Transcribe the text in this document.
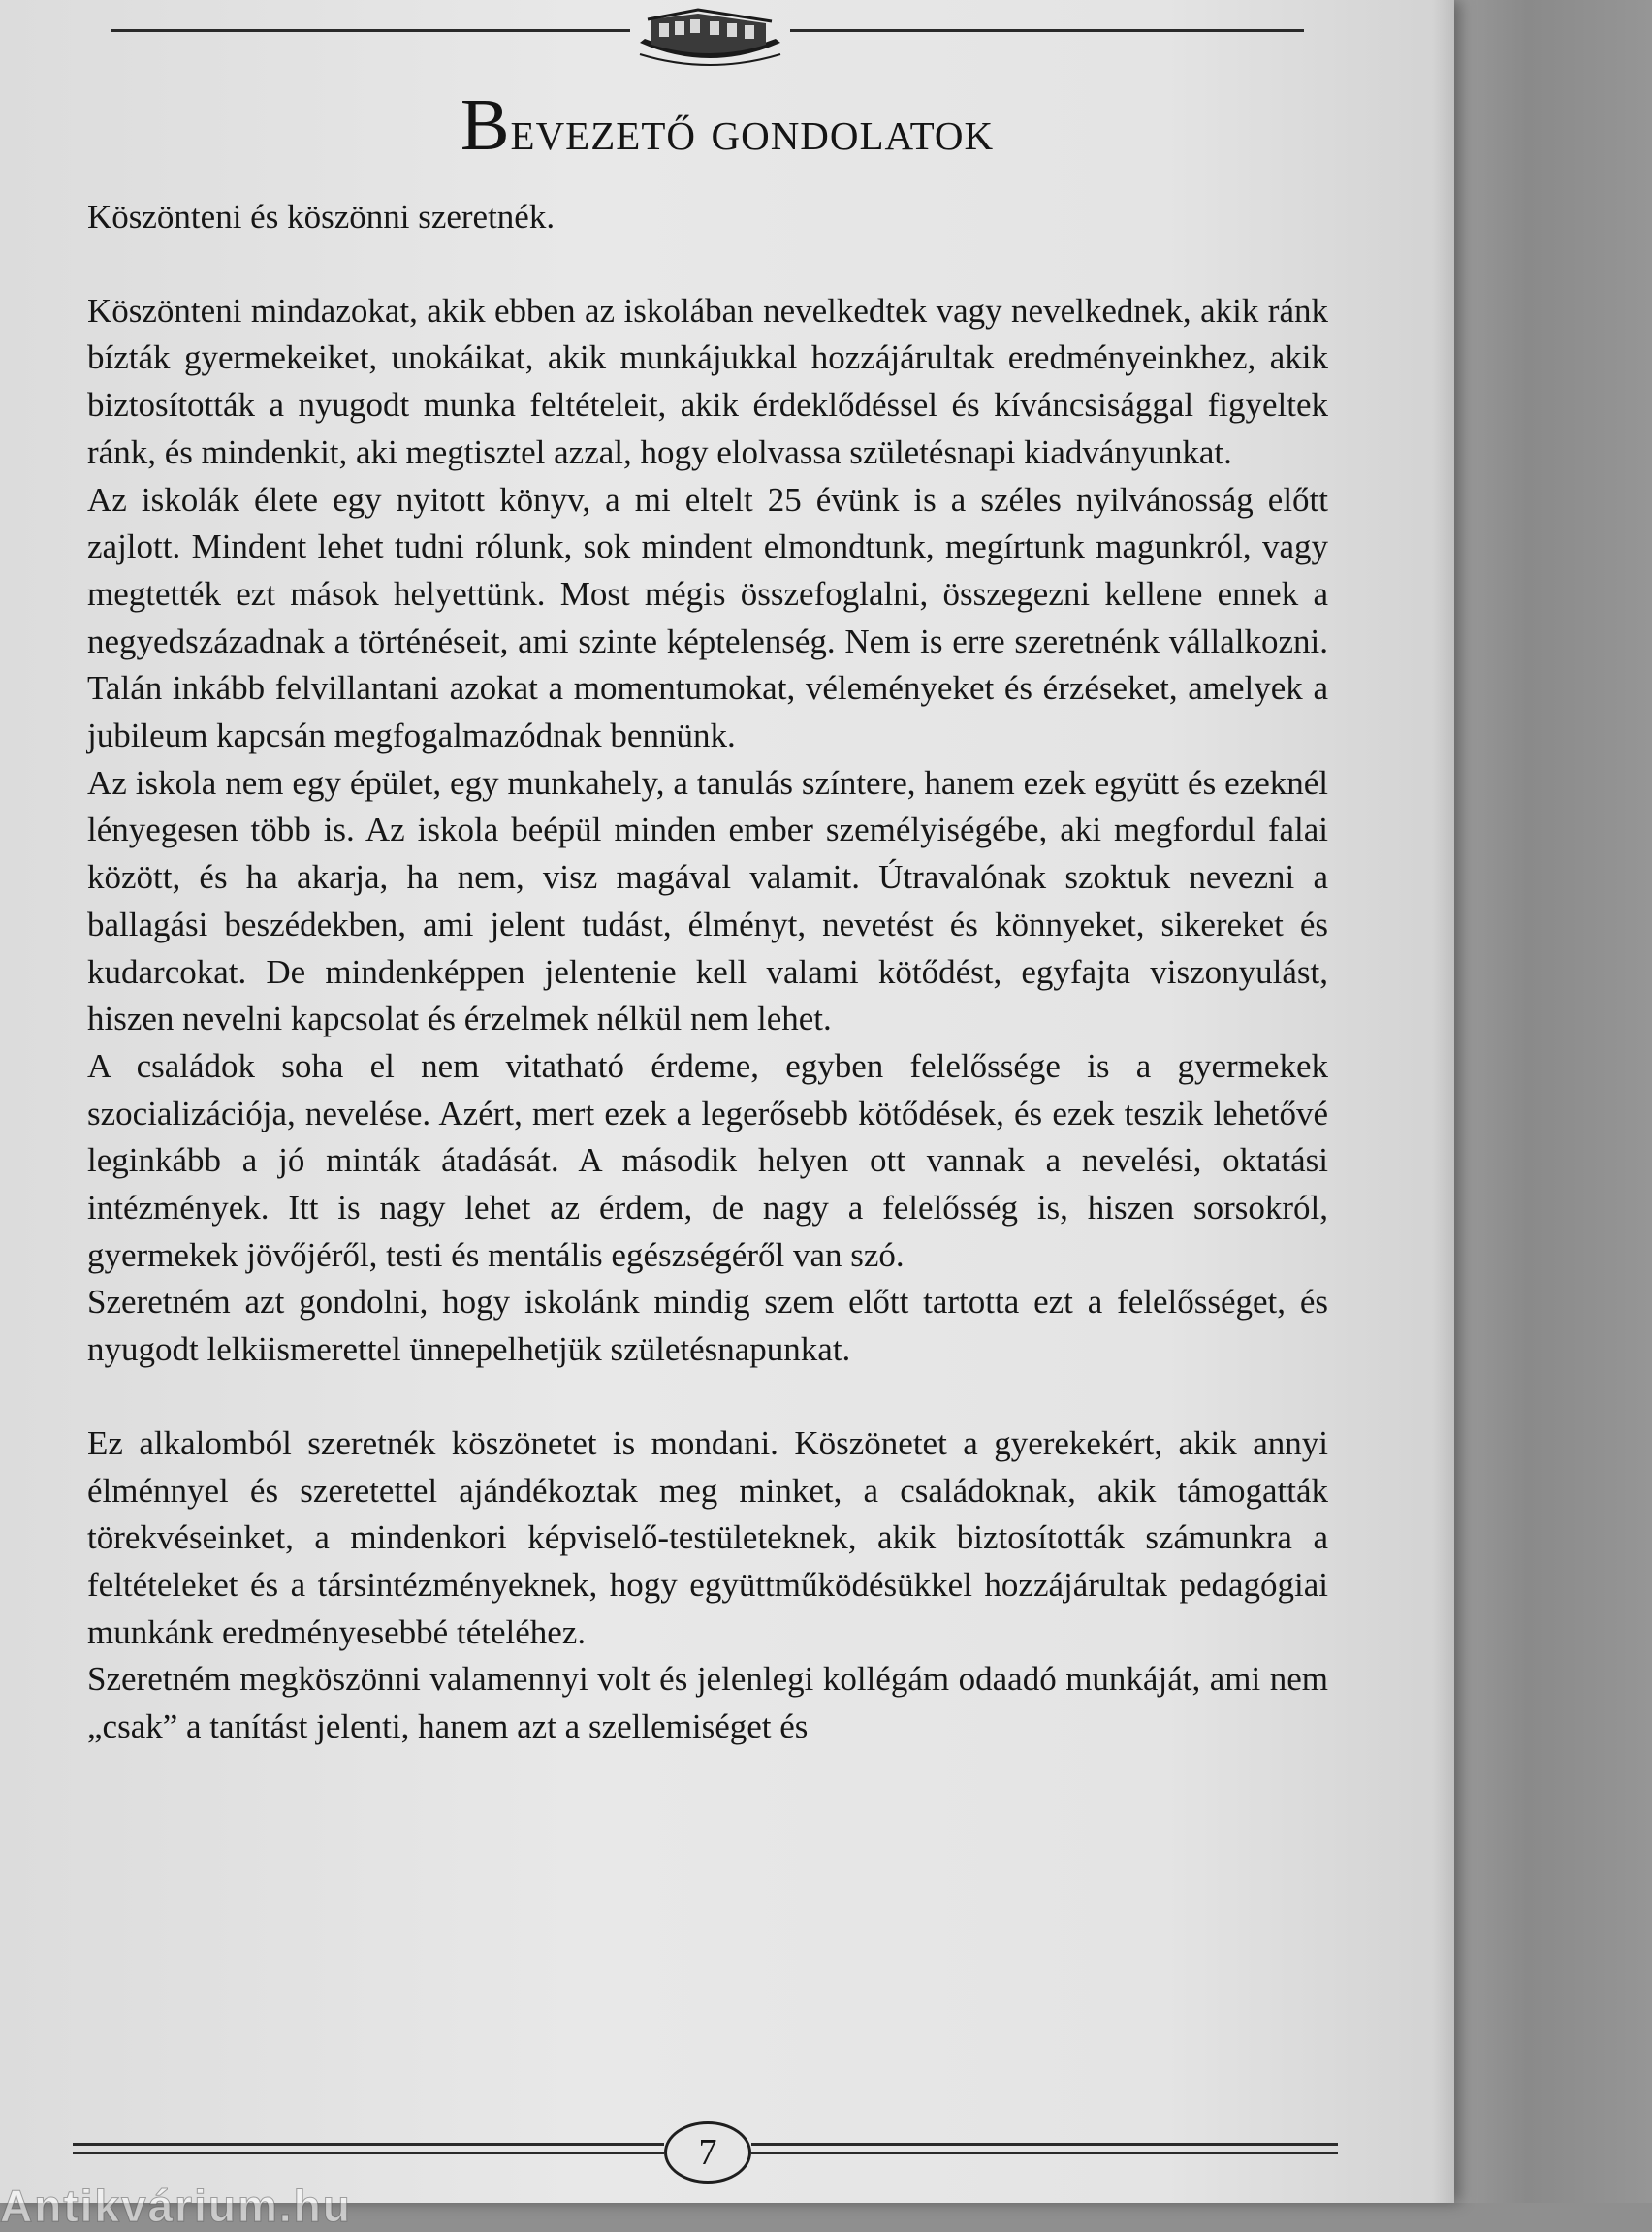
Bevezető gondolatok

Köszönteni és köszönni szeretnék.

Köszönteni mindazokat, akik ebben az iskolában nevelkedtek vagy nevelkednek, akik ránk bízták gyermekeiket, unokáikat, akik munkájukkal hozzájárultak eredményeinkhez, akik biztosították a nyugodt munka feltételeit, akik érdeklődéssel és kíváncsisággal figyeltek ránk, és mindenkit, aki megtisztel azzal, hogy elolvassa születésnapi kiadványunkat.

Az iskolák élete egy nyitott könyv, a mi eltelt 25 évünk is a széles nyilvánosság előtt zajlott. Mindent lehet tudni rólunk, sok mindent elmondtunk, megírtunk magunkról, vagy megtették ezt mások helyettünk. Most mégis összefoglalni, összegezni kellene ennek a negyedszázadnak a történéseit, ami szinte képtelenség. Nem is erre szeretnénk vállalkozni. Talán inkább felvillantani azokat a momentumokat, véleményeket és érzéseket, amelyek a jubileum kapcsán megfogalmazódnak bennünk.

Az iskola nem egy épület, egy munkahely, a tanulás színtere, hanem ezek együtt és ezeknél lényegesen több is. Az iskola beépül minden ember személyiségébe, aki megfordul falai között, és ha akarja, ha nem, visz magával valamit. Útravalónak szoktuk nevezni a ballagási beszédekben, ami jelent tudást, élményt, nevetést és könnyeket, sikereket és kudarcokat. De mindenképpen jelentenie kell valami kötődést, egyfajta viszonyulást, hiszen nevelni kapcsolat és érzelmek nélkül nem lehet.

A családok soha el nem vitatható érdeme, egyben felelőssége is a gyermekek szocializációja, nevelése. Azért, mert ezek a legerősebb kötődések, és ezek teszik lehetővé leginkább a jó minták átadását. A második helyen ott vannak a nevelési, oktatási intézmények. Itt is nagy lehet az érdem, de nagy a felelősség is, hiszen sorsokról, gyermekek jövőjéről, testi és mentális egészségéről van szó.

Szeretném azt gondolni, hogy iskolánk mindig szem előtt tartotta ezt a felelősséget, és nyugodt lelkiismerettel ünnepelhetjük születésnapunkat.

Ez alkalomból szeretnék köszönetet is mondani. Köszönetet a gyerekekért, akik annyi élménnyel és szeretettel ajándékoztak meg minket, a családoknak, akik támogatták törekvéseinket, a mindenkori képviselő-testületeknek, akik biztosították számunkra a feltételeket és a társintézményeknek, hogy együttműködésükkel hozzájárultak pedagógiai munkánk eredményesebbé tételéhez.

Szeretném megköszönni valamennyi volt és jelenlegi kollégám odaadó munkáját, ami nem „csak” a tanítást jelenti, hanem azt a szellemiséget és

7
Antikvárium.hu
